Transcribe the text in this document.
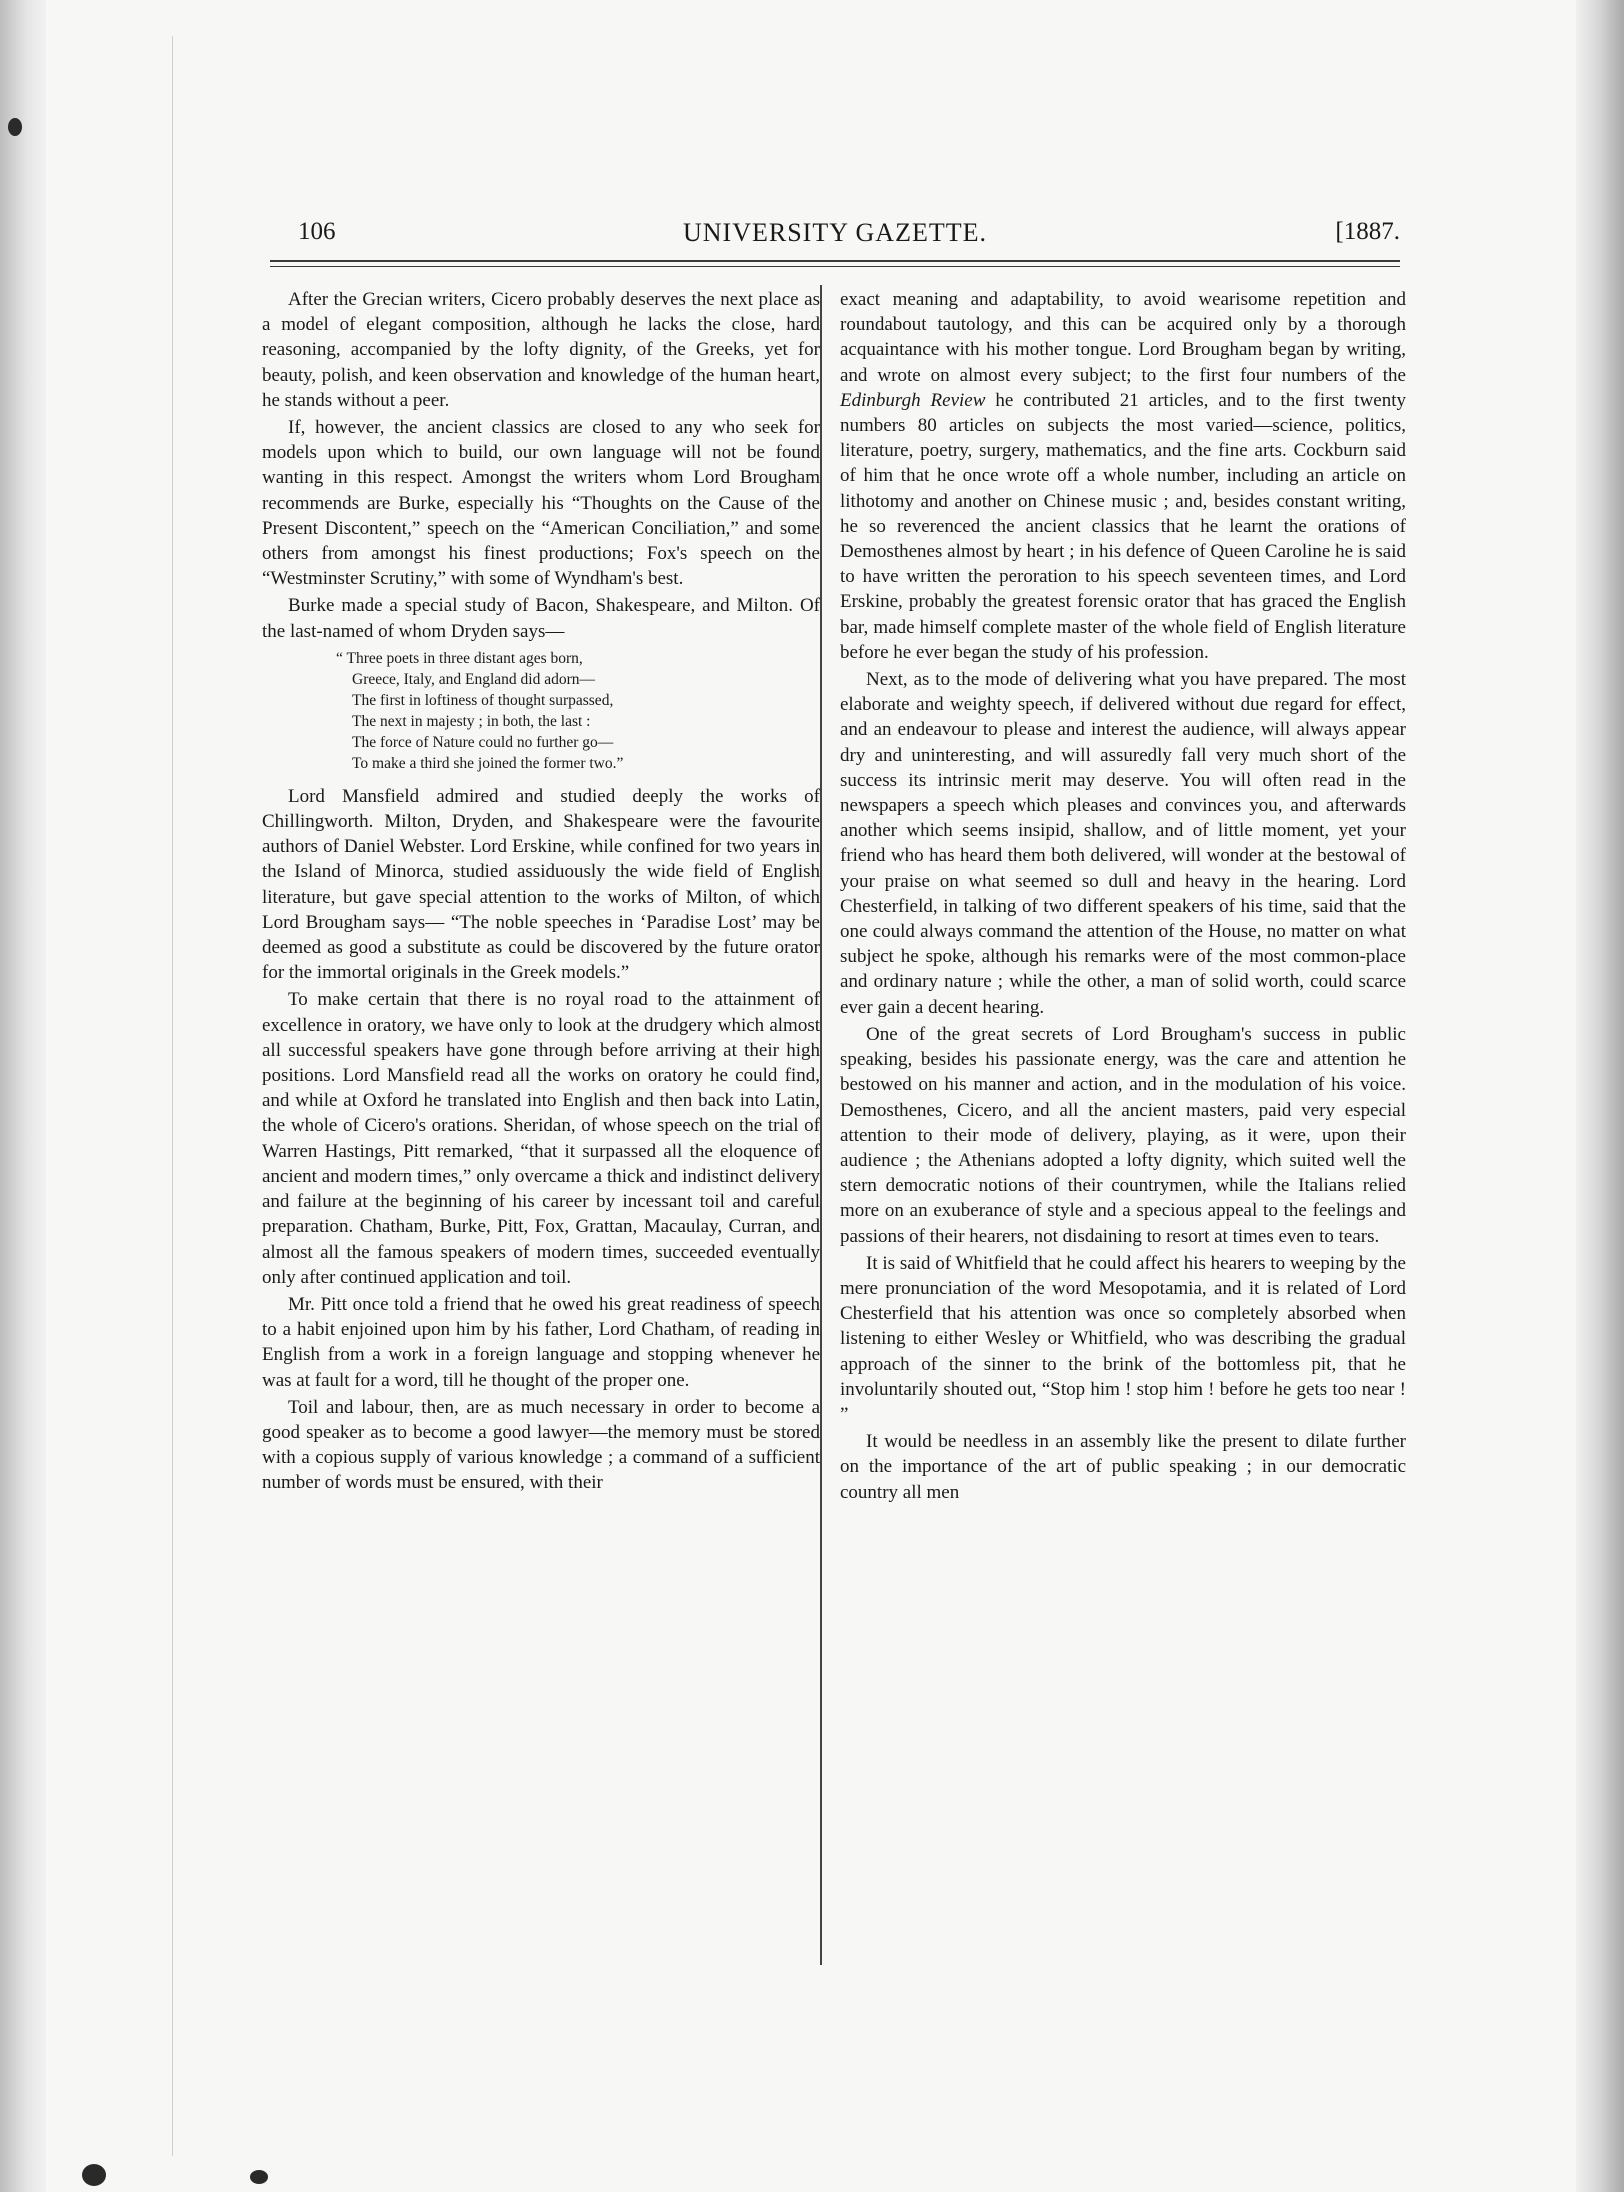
106	UNIVERSITY GAZETTE.	[1887.

After the Grecian writers, Cicero probably deserves the next place as a model of elegant composition, although he lacks the close, hard reasoning, accompanied by the lofty dignity, of the Greeks, yet for beauty, polish, and keen observation and knowledge of the human heart, he stands without a peer.

If, however, the ancient classics are closed to any who seek for models upon which to build, our own language will not be found wanting in this respect. Amongst the writers whom Lord Brougham recommends are Burke, especially his “Thoughts on the Cause of the Present Discontent,” speech on the “American Conciliation,” and some others from amongst his finest productions; Fox's speech on the “Westminster Scrutiny,” with some of Wyndham's best.

Burke made a special study of Bacon, Shakespeare, and Milton. Of the last-named of whom Dryden says—

“ Three poets in three distant ages born,
Greece, Italy, and England did adorn—
The first in loftiness of thought surpassed,
The next in majesty ; in both, the last :
The force of Nature could no further go—
To make a third she joined the former two.”

Lord Mansfield admired and studied deeply the works of Chillingworth. Milton, Dryden, and Shakespeare were the favourite authors of Daniel Webster. Lord Erskine, while confined for two years in the Island of Minorca, studied assiduously the wide field of English literature, but gave special attention to the works of Milton, of which Lord Brougham says— “The noble speeches in ‘Paradise Lost’ may be deemed as good a substitute as could be discovered by the future orator for the immortal originals in the Greek models.”

To make certain that there is no royal road to the attainment of excellence in oratory, we have only to look at the drudgery which almost all successful speakers have gone through before arriving at their high positions. Lord Mansfield read all the works on oratory he could find, and while at Oxford he translated into English and then back into Latin, the whole of Cicero's orations. Sheridan, of whose speech on the trial of Warren Hastings, Pitt remarked, “that it surpassed all the eloquence of ancient and modern times,” only overcame a thick and indistinct delivery and failure at the beginning of his career by incessant toil and careful preparation. Chatham, Burke, Pitt, Fox, Grattan, Macaulay, Curran, and almost all the famous speakers of modern times, succeeded eventually only after continued application and toil.

Mr. Pitt once told a friend that he owed his great readiness of speech to a habit enjoined upon him by his father, Lord Chatham, of reading in English from a work in a foreign language and stopping whenever he was at fault for a word, till he thought of the proper one.

Toil and labour, then, are as much necessary in order to become a good speaker as to become a good lawyer—the memory must be stored with a copious supply of various knowledge ; a command of a sufficient number of words must be ensured, with their

exact meaning and adaptability, to avoid wearisome repetition and roundabout tautology, and this can be acquired only by a thorough acquaintance with his mother tongue. Lord Brougham began by writing, and wrote on almost every subject; to the first four numbers of the Edinburgh Review he contributed 21 articles, and to the first twenty numbers 80 articles on subjects the most varied—science, politics, literature, poetry, surgery, mathematics, and the fine arts. Cockburn said of him that he once wrote off a whole number, including an article on lithotomy and another on Chinese music ; and, besides constant writing, he so reverenced the ancient classics that he learnt the orations of Demosthenes almost by heart ; in his defence of Queen Caroline he is said to have written the peroration to his speech seventeen times, and Lord Erskine, probably the greatest forensic orator that has graced the English bar, made himself complete master of the whole field of English literature before he ever began the study of his profession.

Next, as to the mode of delivering what you have prepared. The most elaborate and weighty speech, if delivered without due regard for effect, and an endeavour to please and interest the audience, will always appear dry and uninteresting, and will assuredly fall very much short of the success its intrinsic merit may deserve. You will often read in the newspapers a speech which pleases and convinces you, and afterwards another which seems insipid, shallow, and of little moment, yet your friend who has heard them both delivered, will wonder at the bestowal of your praise on what seemed so dull and heavy in the hearing. Lord Chesterfield, in talking of two different speakers of his time, said that the one could always command the attention of the House, no matter on what subject he spoke, although his remarks were of the most common-place and ordinary nature ; while the other, a man of solid worth, could scarce ever gain a decent hearing.

One of the great secrets of Lord Brougham's success in public speaking, besides his passionate energy, was the care and attention he bestowed on his manner and action, and in the modulation of his voice. Demosthenes, Cicero, and all the ancient masters, paid very especial attention to their mode of delivery, playing, as it were, upon their audience ; the Athenians adopted a lofty dignity, which suited well the stern democratic notions of their countrymen, while the Italians relied more on an exuberance of style and a specious appeal to the feelings and passions of their hearers, not disdaining to resort at times even to tears.

It is said of Whitfield that he could affect his hearers to weeping by the mere pronunciation of the word Mesopotamia, and it is related of Lord Chesterfield that his attention was once so completely absorbed when listening to either Wesley or Whitfield, who was describing the gradual approach of the sinner to the brink of the bottomless pit, that he involuntarily shouted out, “Stop him ! stop him ! before he gets too near ! ”

It would be needless in an assembly like the present to dilate further on the importance of the art of public speaking ; in our democratic country all men
